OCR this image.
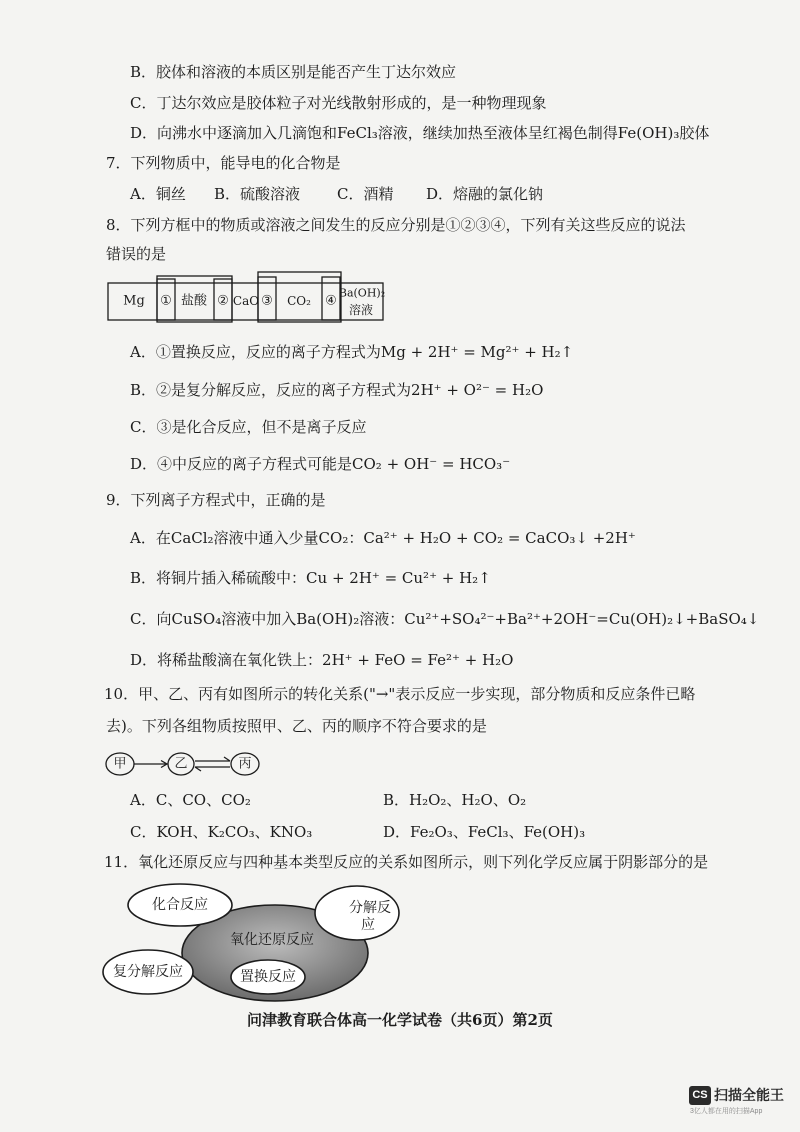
B．胶体和溶液的本质区别是能否产生丁达尔效应
C．丁达尔效应是胶体粒子对光线散射形成的，是一种物理现象
D．向沸水中逐滴加入几滴饱和FeCl₃溶液，继续加热至液体呈红褐色制得Fe(OH)₃胶体
7．下列物质中，能导电的化合物是
A．铜丝 B．硫酸溶液 C．酒精 D．熔融的氯化钠
8．下列方框中的物质或溶液之间发生的反应分别是①②③④，下列有关这些反应的说法
错误的是
Mg ① 盐酸 ② CaO ③ CO₂ ④
Ba(OH)₂
溶液
A．①置换反应，反应的离子方程式为Mg + 2H⁺ = Mg²⁺ + H₂↑
B．②是复分解反应，反应的离子方程式为2H⁺ + O²⁻ = H₂O
C．③是化合反应，但不是离子反应
D．④中反应的离子方程式可能是CO₂ + OH⁻ = HCO₃⁻
9．下列离子方程式中，正确的是
A．在CaCl₂溶液中通入少量CO₂：Ca²⁺ + H₂O + CO₂ = CaCO₃↓ +2H⁺
B．将铜片插入稀硫酸中：Cu + 2H⁺ = Cu²⁺ + H₂↑
C．向CuSO₄溶液中加入Ba(OH)₂溶液：Cu²⁺+SO₄²⁻+Ba²⁺+2OH⁻=Cu(OH)₂↓+BaSO₄↓
D．将稀盐酸滴在氧化铁上：2H⁺ + FeO = Fe²⁺ + H₂O
10．甲、乙、丙有如图所示的转化关系("→"表示反应一步实现，部分物质和反应条件已略
去)。下列各组物质按照甲、乙、丙的顺序不符合要求的是
甲	乙	丙
A．C、CO、CO₂	B．H₂O₂、H₂O、O₂
C．KOH、K₂CO₃、KNO₃	D．Fe₂O₃、FeCl₃、Fe(OH)₃
11．氧化还原反应与四种基本类型反应的关系如图所示，则下列化学反应属于阴影部分的是
化合反应	分解反
应
氧化还原反应
复分解反应	置换反应
问津教育联合体高一化学试卷（共6页）第2页
CS 扫描全能王
3亿人都在用的扫描App
